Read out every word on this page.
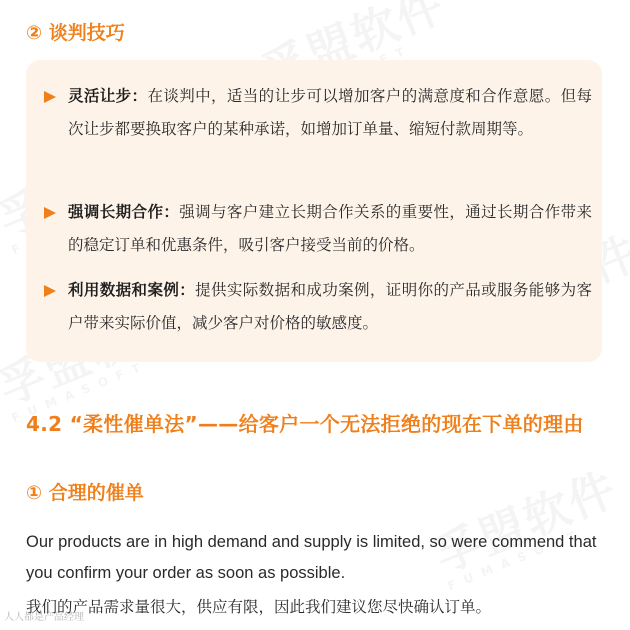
② 谈判技巧
灵活让步：在谈判中，适当的让步可以增加客户的满意度和合作意愿。但每次让步都要换取客户的某种承诺，如增加订单量、缩短付款周期等。
强调长期合作：强调与客户建立长期合作关系的重要性，通过长期合作带来的稳定订单和优惠条件，吸引客户接受当前的价格。
利用数据和案例：提供实际数据和成功案例，证明你的产品或服务能够为客户带来实际价值，减少客户对价格的敏感度。
4.2 “柔性催单法”——给客户一个无法拒绝的现在下单的理由
① 合理的催单

Our products are in high demand and supply is limited, so were commend that you confirm your order as soon as possible.

我们的产品需求量很大，供应有限，因此我们建议您尽快确认订单。

人人都是产品经理
